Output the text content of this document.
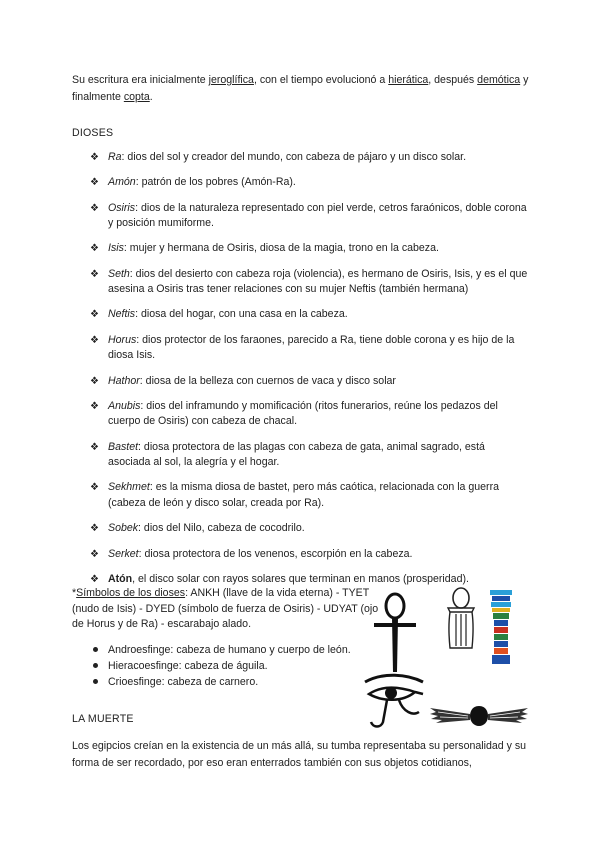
Su escritura era inicialmente jeroglífica, con el tiempo evolucionó a hierática, después demótica y finalmente copta.

DIOSES
❖ Ra: dios del sol y creador del mundo, con cabeza de pájaro y un disco solar.
❖ Amón: patrón de los pobres (Amón-Ra).
❖ Osiris: dios de la naturaleza representado con piel verde, cetros faraónicos, doble corona y posición mumiforme.
❖ Isis: mujer y hermana de Osiris, diosa de la magia, trono en la cabeza.
❖ Seth: dios del desierto con cabeza roja (violencia), es hermano de Osiris, Isis, y es el que asesina a Osiris tras tener relaciones con su mujer Neftis (también hermana)
❖ Neftis: diosa del hogar, con una casa en la cabeza.
❖ Horus: dios protector de los faraones, parecido a Ra, tiene doble corona y es hijo de la diosa Isis.
❖ Hathor: diosa de la belleza con cuernos de vaca y disco solar
❖ Anubis: dios del inframundo y momificación (ritos funerarios, reúne los pedazos del cuerpo de Osiris) con cabeza de chacal.
❖ Bastet: diosa protectora de las plagas con cabeza de gata, animal sagrado, está asociada al sol, la alegría y el hogar.
❖ Sekhmet: es la misma diosa de bastet, pero más caótica, relacionada con la guerra (cabeza de león y disco solar, creada por Ra).
❖ Sobek: dios del Nilo, cabeza de cocodrilo.
❖ Serket: diosa protectora de los venenos, escorpión en la cabeza.
❖ Atón, el disco solar con rayos solares que terminan en manos (prosperidad).

*Símbolos de los dioses: ANKH (llave de la vida eterna) - TYET (nudo de Isis) - DYED (símbolo de fuerza de Osiris) - UDYAT (ojo de Horus y de Ra) - escarabajo alado.

Androesfinge: cabeza de humano y cuerpo de león.
Hieracoesfinge: cabeza de águila.
Crioesfinge: cabeza de carnero.
LA MUERTE

Los egipcios creían en la existencia de un más allá, su tumba representaba su personalidad y su forma de ser recordado, por eso eran enterrados también con sus objetos cotidianos,
